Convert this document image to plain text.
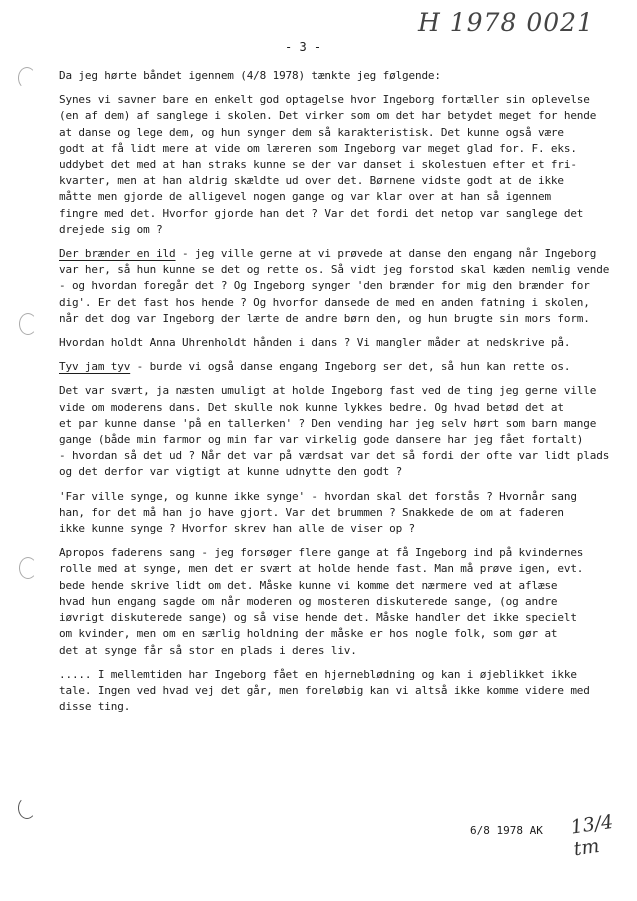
H 1978 0021
- 3 -
Da jeg hørte båndet igennem (4/8 1978) tænkte jeg følgende:
Synes vi savner bare en enkelt god optagelse hvor Ingeborg fortæller sin oplevelse
(en af dem) af sanglege i skolen. Det virker som om det har betydet meget for hende
at danse og lege dem, og hun synger dem så karakteristisk. Det kunne også være
godt at få lidt mere at vide om læreren som Ingeborg var meget glad for. F. eks.
uddybet det med at han straks kunne se der var danset i skolestuen efter et fri-
kvarter, men at han aldrig skældte ud over det. Børnene vidste godt at de ikke
måtte men gjorde de alligevel nogen gange og var klar over at han så igennem
fingre med det. Hvorfor gjorde han det ? Var det fordi det netop var sanglege det
drejede sig om ?
Der brænder en ild - jeg ville gerne at vi prøvede at danse den engang når Ingeborg
var her, så hun kunne se det og rette os. Så vidt jeg forstod skal kæden nemlig vende
- og hvordan foregår det ? Og Ingeborg synger 'den brænder for mig den brænder for
dig'. Er det fast hos hende ? Og hvorfor dansede de med en anden fatning i skolen,
når det dog var Ingeborg der lærte de andre børn den, og hun brugte sin mors form.
Hvordan holdt Anna Uhrenholdt hånden i dans ? Vi mangler måder at nedskrive på.
Tyv jam tyv - burde vi også danse engang Ingeborg ser det, så hun kan rette os.
Det var svært, ja næsten umuligt at holde Ingeborg fast ved de ting jeg gerne ville
vide om moderens dans. Det skulle nok kunne lykkes bedre. Og hvad betød det at
et par kunne danse 'på en tallerken' ? Den vending har jeg selv hørt som barn mange
gange (både min farmor og min far var virkelig gode dansere har jeg fået fortalt)
- hvordan så det ud ? Når det var på værdsat var det så fordi der ofte var lidt plads
og det derfor var vigtigt at kunne udnytte den godt ?
'Far ville synge, og kunne ikke synge' - hvordan skal det forstås ? Hvornår sang
han, for det må han jo have gjort. Var det brummen ? Snakkede de om at faderen
ikke kunne synge ? Hvorfor skrev han alle de viser op ?
Apropos faderens sang - jeg forsøger flere gange at få Ingeborg ind på kvindernes
rolle med at synge, men det er svært at holde hende fast. Man må prøve igen, evt.
bede hende skrive lidt om det. Måske kunne vi komme det nærmere ved at aflæse
hvad hun engang sagde om når moderen og mosteren diskuterede sange, (og andre
iøvrigt diskuterede sange) og så vise hende det. Måske handler det ikke specielt
om kvinder, men om en særlig holdning der måske er hos nogle folk, som gør at
det at synge får så stor en plads i deres liv.
..... I mellemtiden har Ingeborg fået en hjerneblødning og kan i øjeblikket ikke
tale. Ingen ved hvad vej det går, men foreløbig kan vi altså ikke komme videre med
disse ting.
6/8 1978 AK 13/4 tm
